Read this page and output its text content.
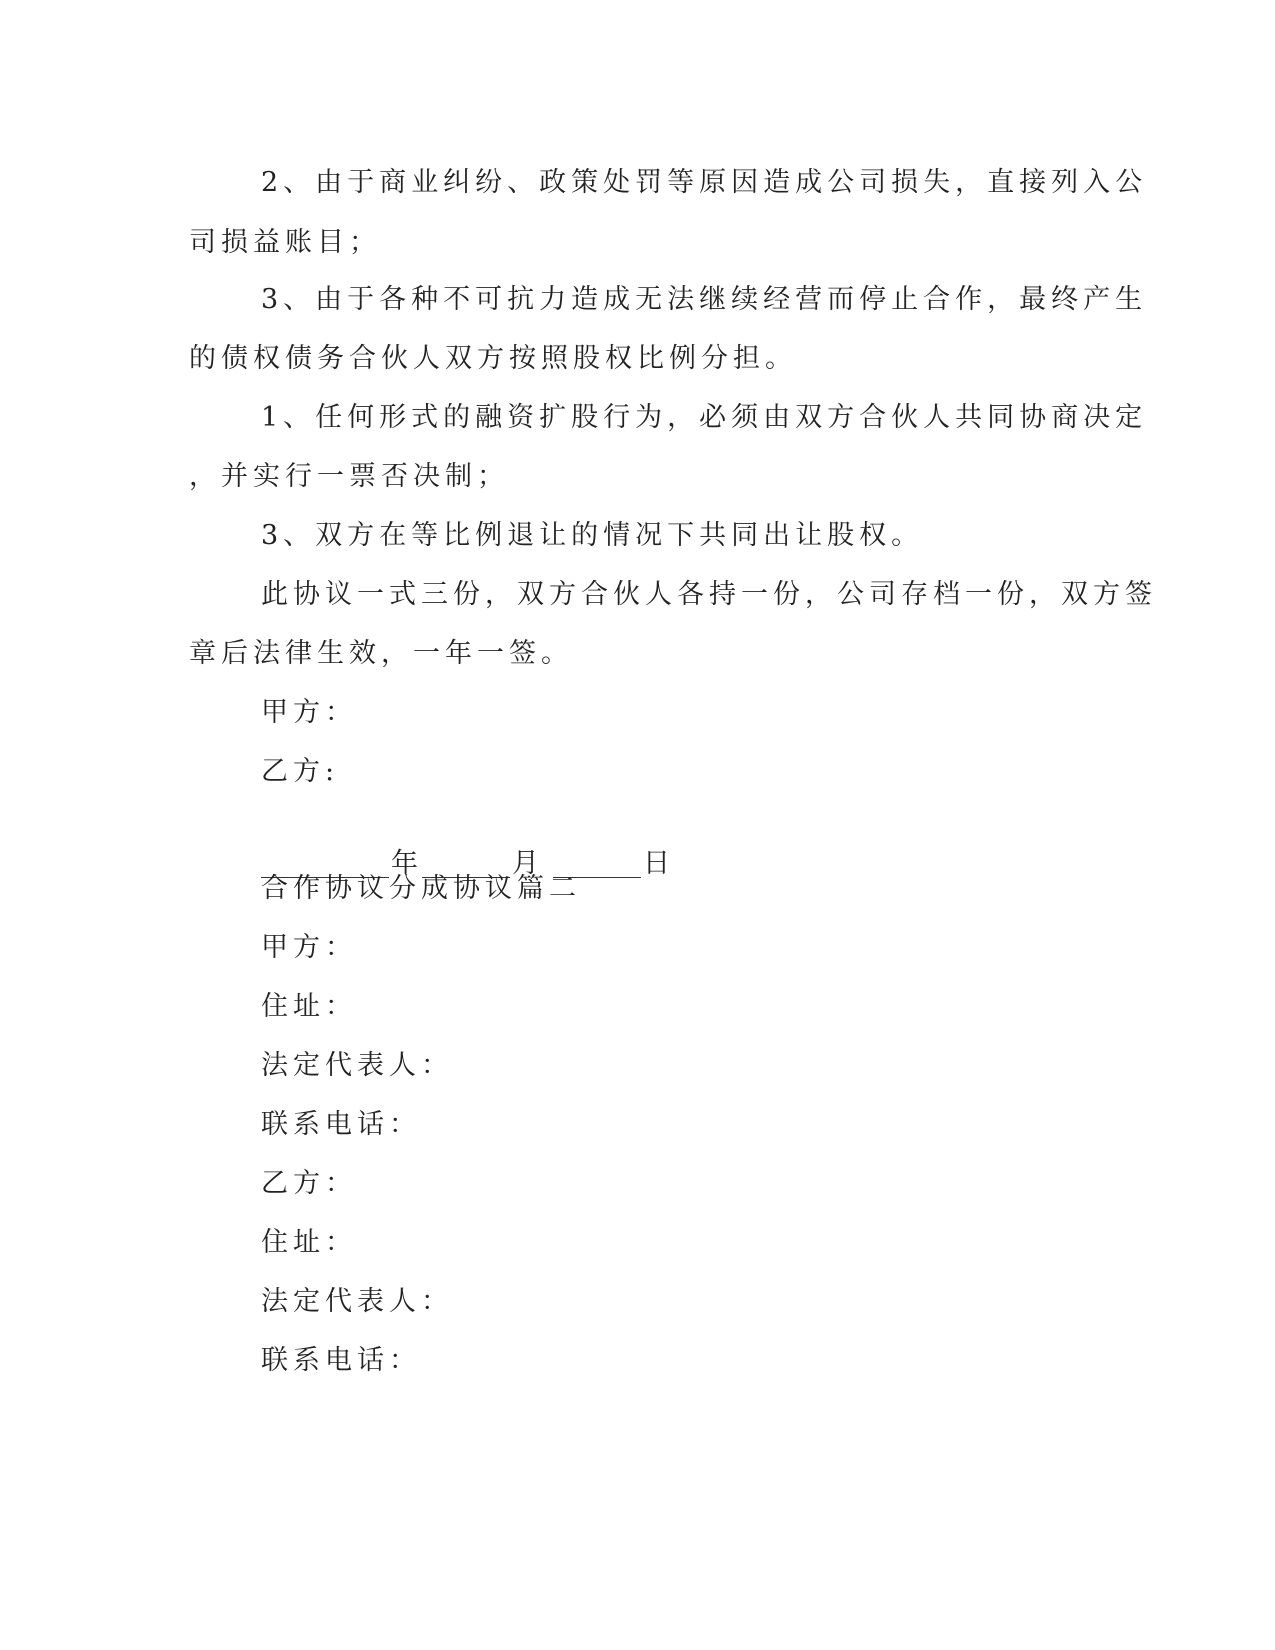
2、由于商业纠纷、政策处罚等原因造成公司损失，直接列入公
司损益账目；
3、由于各种不可抗力造成无法继续经营而停止合作，最终产生
的债权债务合伙人双方按照股权比例分担。
1、任何形式的融资扩股行为，必须由双方合伙人共同协商决定
，并实行一票否决制；
3、双方在等比例退让的情况下共同出让股权。
此协议一式三份，双方合伙人各持一份，公司存档一份，双方签
章后法律生效，一年一签。
甲方：
乙方:
年	月	日
合作协议分成协议篇二
甲方：
住址：
法定代表人：
联系电话：
乙方：
住址：
法定代表人：
联系电话：
